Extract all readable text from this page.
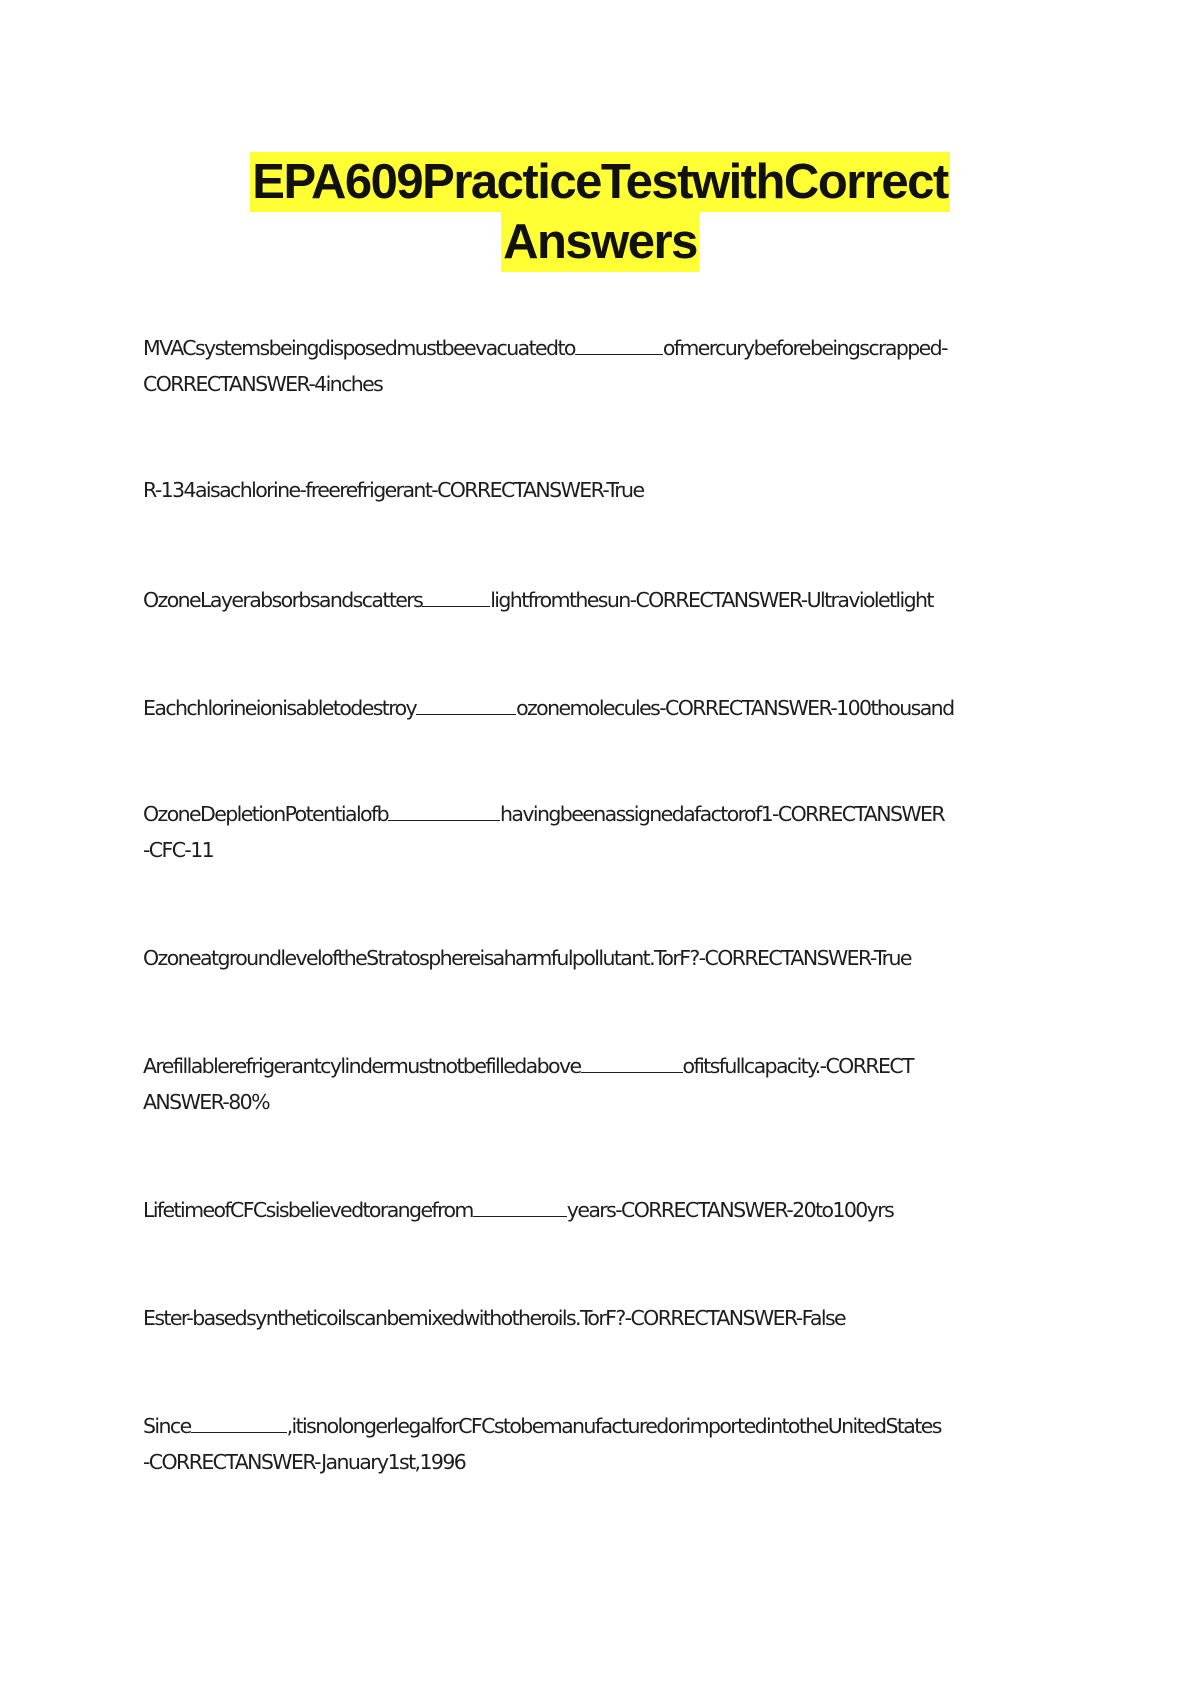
EPA609PracticeTestwithCorrect
Answers
MVACsystemsbeingdisposedmustbeevacuatedto	ofmercurybeforebeingscrapped-
CORRECTANSWER-4inches
R-134aisachlorine-freerefrigerant-CORRECTANSWER-True
OzoneLayerabsorbsandscatters	lightfromthesun-CORRECTANSWER-Ultravioletlight
Eachchlorineionisabletodestroy	ozonemolecules-CORRECTANSWER-100thousand
OzoneDepletionPotentialofb	havingbeenassignedafactorof1-CORRECTANSWER
-CFC-11
OzoneatgroundleveloftheStratosphereisaharmfulpollutant.TorF?-CORRECTANSWER-True
Arefillablerefrigerantcylindermustnotbefilledabove	ofitsfullcapacity.-CORRECT
ANSWER-80%
LifetimeofCFCsisbelievedtorangefrom	years-CORRECTANSWER-20to100yrs
Ester-basedsyntheticoilscanbemixedwithotheroils.TorF?-CORRECTANSWER-False
Since	,itisnolongerlegalforCFCstobemanufacturedorimportedintotheUnitedStates
-CORRECTANSWER-January1st,1996
